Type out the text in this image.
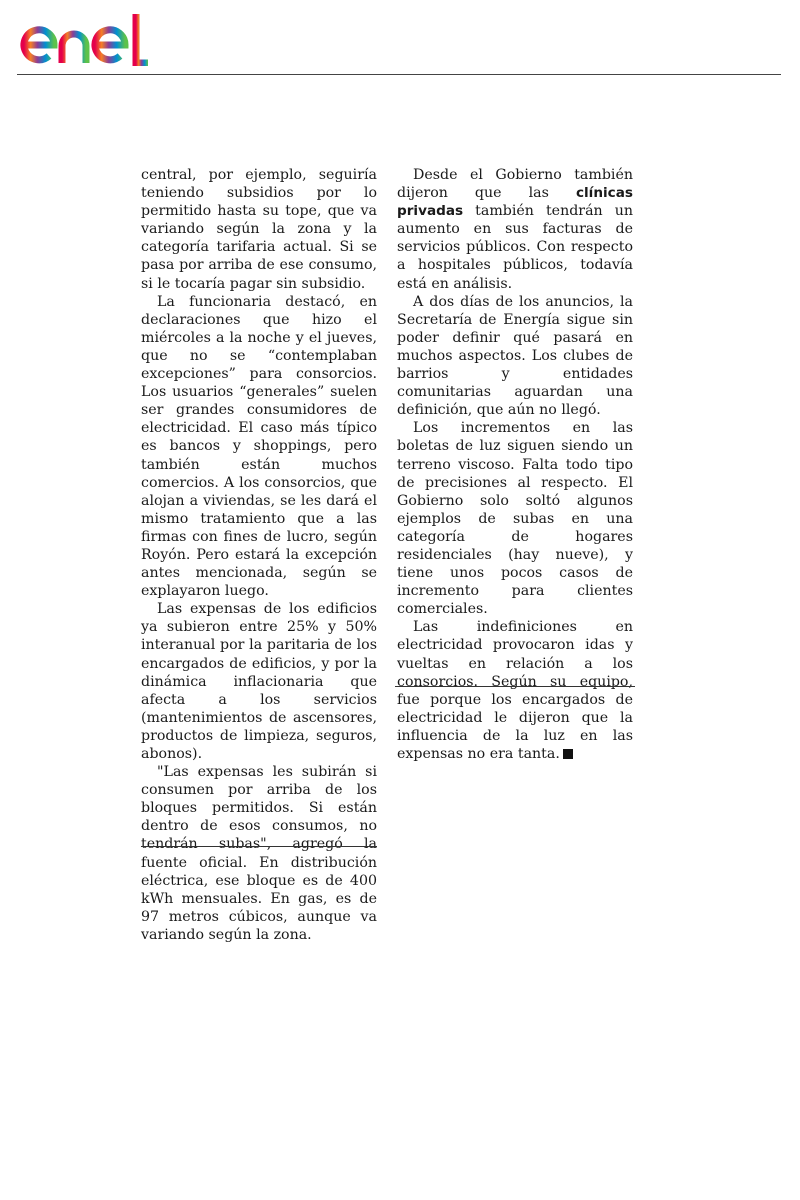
central, por ejemplo, seguiría teniendo subsidios por lo permitido hasta su tope, que va variando según la zona y la categoría tarifaria actual. Si se pasa por arriba de ese consumo, si le tocaría pagar sin subsidio.

La funcionaria destacó, en declaraciones que hizo el miércoles a la noche y el jueves, que no se “contemplaban excepciones” para consorcios. Los usuarios “generales” suelen ser grandes consumidores de electricidad. El caso más típico es bancos y shoppings, pero también están muchos comercios. A los consorcios, que alojan a viviendas, se les dará el mismo tratamiento que a las firmas con fines de lucro, según Royón. Pero estará la excepción antes mencionada, según se explayaron luego.

Las expensas de los edificios ya subieron entre 25% y 50% interanual por la paritaria de los encargados de edificios, y por la dinámica inflacionaria que afecta a los servicios (mantenimientos de ascensores, productos de limpieza, seguros, abonos).

"Las expensas les subirán si consumen por arriba de los bloques permitidos. Si están dentro de esos consumos, no tendrán subas", agregó la fuente oficial. En distribución eléctrica, ese bloque es de 400 kWh mensuales. En gas, es de 97 metros cúbicos, aunque va variando según la zona.

Desde el Gobierno también dijeron que las clínicas privadas también tendrán un aumento en sus facturas de servicios públicos. Con respecto a hospitales públicos, todavía está en análisis.

A dos días de los anuncios, la Secretaría de Energía sigue sin poder definir qué pasará en muchos aspectos. Los clubes de barrios y entidades comunitarias aguardan una definición, que aún no llegó.

Los incrementos en las boletas de luz siguen siendo un terreno viscoso. Falta todo tipo de precisiones al respecto. El Gobierno solo soltó algunos ejemplos de subas en una categoría de hogares residenciales (hay nueve), y tiene unos pocos casos de incremento para clientes comerciales.

Las indefiniciones en electricidad provocaron idas y vueltas en relación a los consorcios. Según su equipo, fue porque los encargados de electricidad le dijeron que la influencia de la luz en las expensas no era tanta.
